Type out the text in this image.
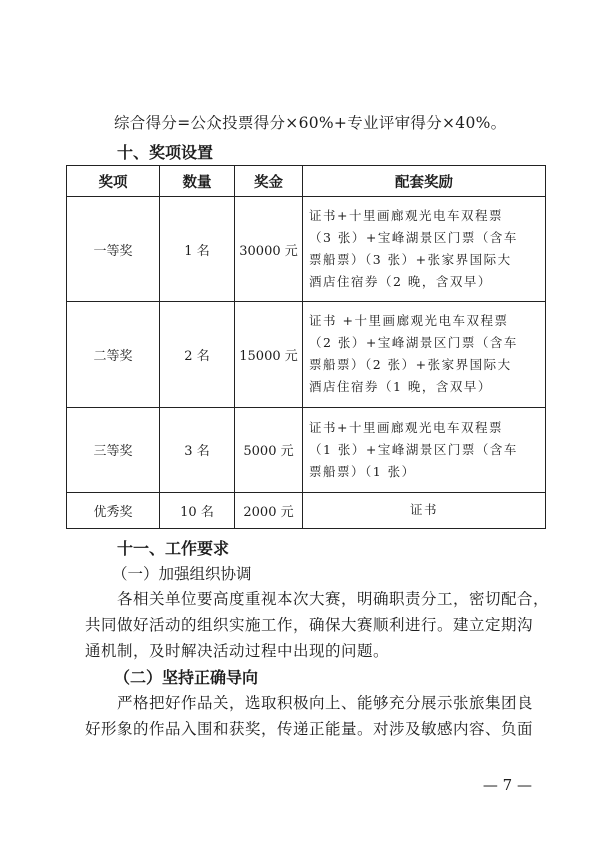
综合得分=公众投票得分×60%+专业评审得分×40%。
十、奖项设置
奖项	数量	奖金	配套奖励
一等奖	1 名	30000 元	证书+十里画廊观光电车双程票
（3 张）+宝峰湖景区门票（含车
票船票）（3 张）+张家界国际大
酒店住宿券（2 晚，含双早）

二等奖	2 名	15000 元	证书 +十里画廊观光电车双程票
（2 张）+宝峰湖景区门票（含车
票船票）（2 张）+张家界国际大
酒店住宿券（1 晚，含双早）

三等奖	3 名	5000 元	证书+十里画廊观光电车双程票
（1 张）+宝峰湖景区门票（含车
票船票）（1 张）

优秀奖	10 名	2000 元	证书
十一、工作要求
（一）加强组织协调
各相关单位要高度重视本次大赛，明确职责分工，密切配合，
共同做好活动的组织实施工作，确保大赛顺利进行。建立定期沟
通机制，及时解决活动过程中出现的问题。
（二）坚持正确导向
严格把好作品关，选取积极向上、能够充分展示张旅集团良
好形象的作品入围和获奖，传递正能量。对涉及敏感内容、负面
— 7 —
